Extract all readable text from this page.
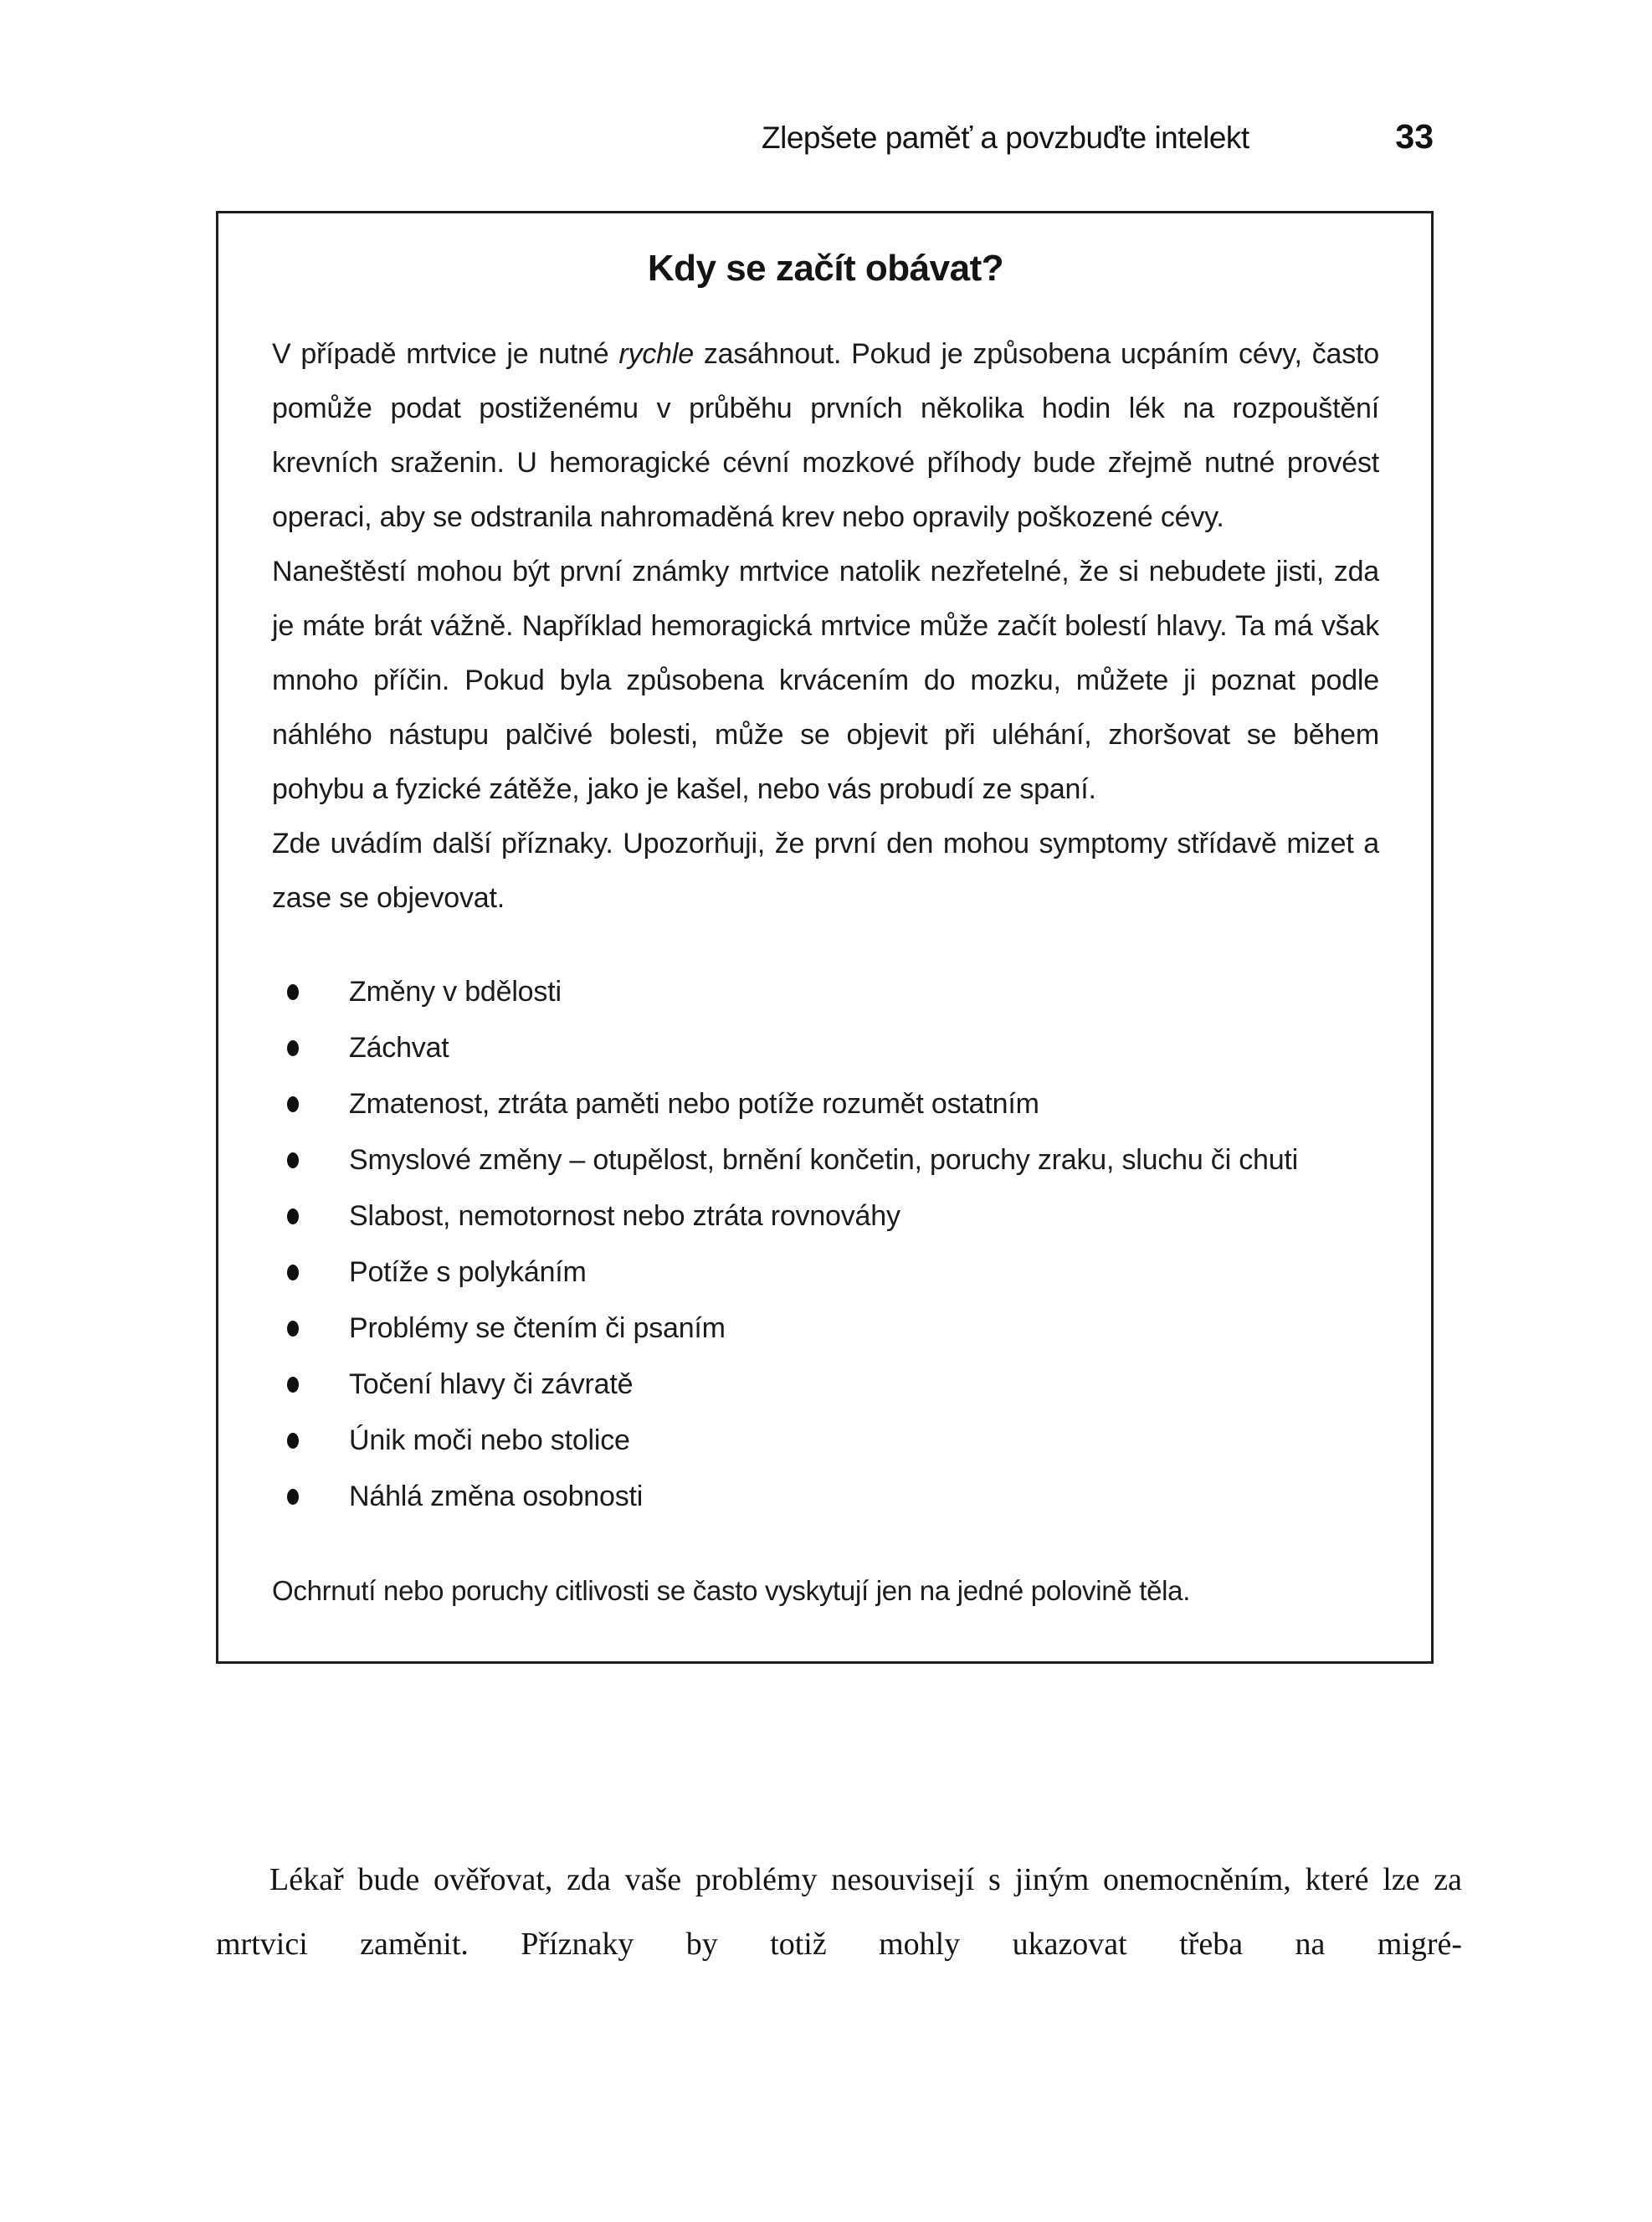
Zlepšete paměť a povzbuďte intelekt	33
Kdy se začít obávat?

V případě mrtvice je nutné rychle zasáhnout. Pokud je způsobena ucpáním cévy, často pomůže podat postiženému v průběhu prvních několika hodin lék na rozpouštění krevních sraženin. U hemoragické cévní mozkové příhody bude zřejmě nutné provést operaci, aby se odstranila nahromaděná krev nebo opravily poškozené cévy.

Naneštěstí mohou být první známky mrtvice natolik nezřetelné, že si nebudete jisti, zda je máte brát vážně. Například hemoragická mrtvice může začít bolestí hlavy. Ta má však mnoho příčin. Pokud byla způsobena krvácením do mozku, můžete ji poznat podle náhlého nástupu palčivé bolesti, může se objevit při uléhání, zhoršovat se během pohybu a fyzické zátěže, jako je kašel, nebo vás probudí ze spaní.

Zde uvádím další příznaky. Upozorňuji, že první den mohou symptomy střídavě mizet a zase se objevovat.

Změny v bdělosti
Záchvat
Zmatenost, ztráta paměti nebo potíže rozumět ostatním
Smyslové změny – otupělost, brnění končetin, poruchy zraku, sluchu či chuti
Slabost, nemotornost nebo ztráta rovnováhy
Potíže s polykáním
Problémy se čtením či psaním
Točení hlavy či závratě
Únik moči nebo stolice
Náhlá změna osobnosti

Ochrnutí nebo poruchy citlivosti se často vyskytují jen na jedné polovině těla.

Lékař bude ověřovat, zda vaše problémy nesouvisejí s jiným onemocněním, které lze za mrtvici zaměnit. Příznaky by totiž mohly ukazovat třeba na migré-
